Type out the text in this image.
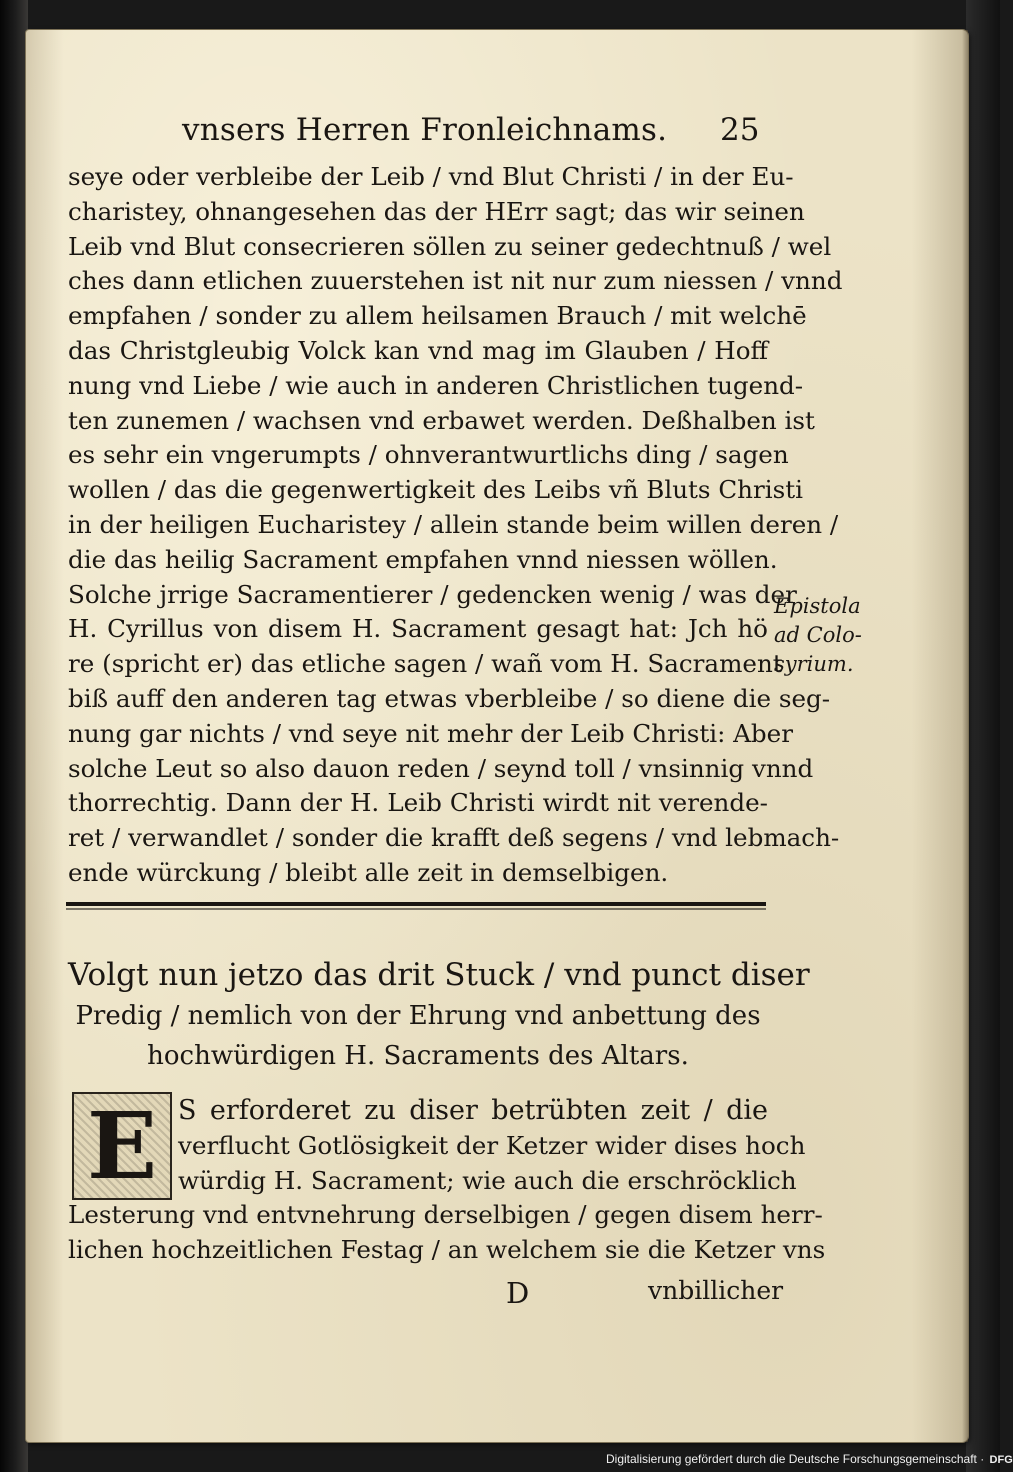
vnsers Herren Fronleichnams. 25
seye oder verbleibe der Leib / vnd Blut Christi / in der Eu-
charistey, ohnangesehen das der HErr sagt; das wir seinen
Leib vnd Blut consecrieren söllen zu seiner gedechtnuß / wel
ches dann etlichen zuuerstehen ist nit nur zum niessen / vnnd
empfahen / sonder zu allem heilsamen Brauch / mit welchē
das Christgleubig Volck kan vnd mag im Glauben / Hoff
nung vnd Liebe / wie auch in anderen Christlichen tugend-
ten zunemen / wachsen vnd erbawet werden. Deßhalben ist
es sehr ein vngerumpts / ohnverantwurtlichs ding / sagen
wollen / das die gegenwertigkeit des Leibs vñ Bluts Christi
in der heiligen Eucharistey / allein stande beim willen deren /
die das heilig Sacrament empfahen vnnd niessen wöllen.
Solche jrrige Sacramentierer / gedencken wenig / was der
H. Cyrillus von disem H. Sacrament gesagt hat: Jch hö
re (spricht er) das etliche sagen / wañ vom H. Sacrament
biß auff den anderen tag etwas vberbleibe / so diene die seg-
nung gar nichts / vnd seye nit mehr der Leib Christi: Aber
solche Leut so also dauon reden / seynd toll / vnsinnig vnnd
thorrechtig. Dann der H. Leib Christi wirdt nit verende-
ret / verwandlet / sonder die krafft deß segens / vnd lebmach-
ende würckung / bleibt alle zeit in demselbigen.
Epistola
ad Colo-
syrium.
Volgt nun jetzo das drit Stuck / vnd punct diser
Predig / nemlich von der Ehrung vnd anbettung des
hochwürdigen H. Sacraments des Altars.
E S erforderet zu diser betrübten zeit / die
verflucht Gotlösigkeit der Ketzer wider dises hoch
würdig H. Sacrament; wie auch die erschröcklich
Lesterung vnd entvnehrung derselbigen / gegen disem herr-
lichen hochzeitlichen Festag / an welchem sie die Ketzer vns
D	vnbillicher
Digitalisierung gefördert durch die Deutsche Forschungsgemeinschaft · DFG
